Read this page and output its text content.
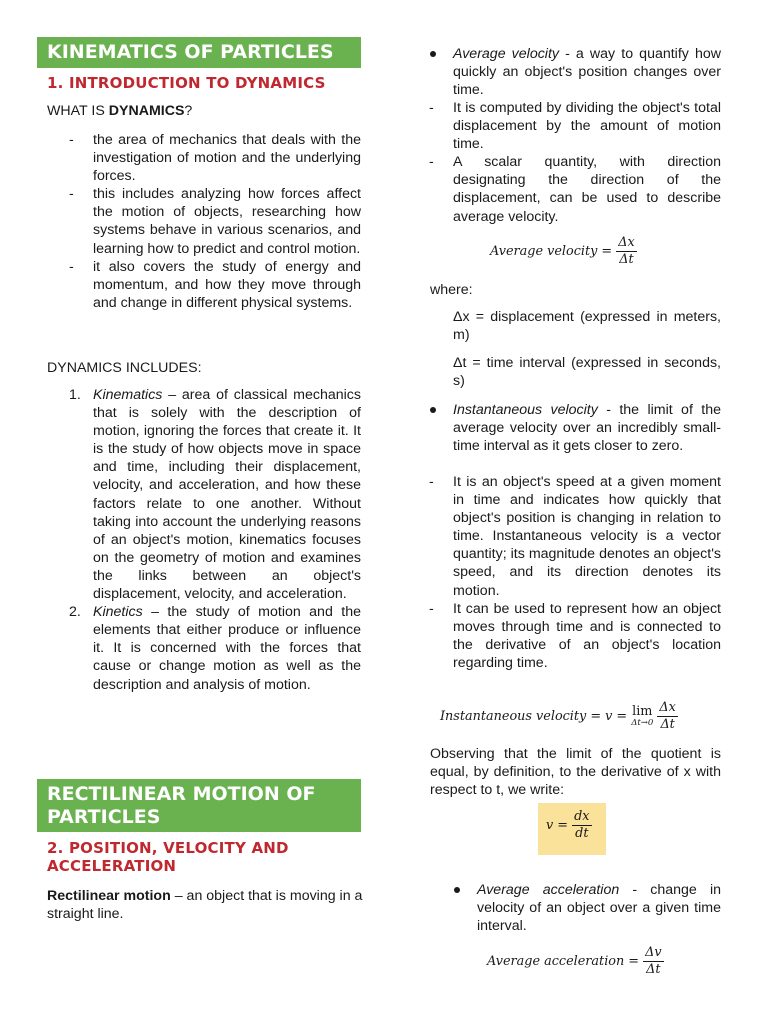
KINEMATICS OF PARTICLES
1. INTRODUCTION TO DYNAMICS

WHAT IS DYNAMICS?

- the area of mechanics that deals with the investigation of motion and the underlying forces.
- this includes analyzing how forces affect the motion of objects, researching how systems behave in various scenarios, and learning how to predict and control motion.
- it also covers the study of energy and momentum, and how they move through and change in different physical systems.

DYNAMICS INCLUDES:

1. Kinematics – area of classical mechanics that is solely with the description of motion, ignoring the forces that create it. It is the study of how objects move in space and time, including their displacement, velocity, and acceleration, and how these factors relate to one another. Without taking into account the underlying reasons of an object's motion, kinematics focuses on the geometry of motion and examines the links between an object's displacement, velocity, and acceleration.
2. Kinetics – the study of motion and the elements that either produce or influence it. It is concerned with the forces that cause or change motion as well as the description and analysis of motion.
RECTILINEAR MOTION OF
PARTICLES
2. POSITION, VELOCITY AND
ACCELERATION

Rectilinear motion – an object that is moving in a straight line.

Average velocity - a way to quantify how quickly an object's position changes over time.
- It is computed by dividing the object's total displacement by the amount of motion time.
- A scalar quantity, with direction designating the direction of the displacement, can be used to describe average velocity.
Average velocity = $\frac{\Delta x}{\Delta t}$

where:

Δx = displacement (expressed in meters, m)

Δt = time interval (expressed in seconds, s)

Instantaneous velocity - the limit of the average velocity over an incredibly small-time interval as it gets closer to zero.
- It is an object's speed at a given moment in time and indicates how quickly that object's position is changing in relation to time. Instantaneous velocity is a vector quantity; its magnitude denotes an object's speed, and its direction denotes its motion.
- It can be used to represent how an object moves through time and is connected to the derivative of an object's location regarding time.
Instantaneous velocity = v = lim
Δt→0
$\frac{\Delta x}{\Delta t}$

Observing that the limit of the quotient is equal, by definition, to the derivative of x with respect to t, we write:

$v = \frac{dx}{dt}$
Average acceleration - change in velocity of an object over a given time interval.
Average acceleration = $\frac{\Delta v}{\Delta t}$
